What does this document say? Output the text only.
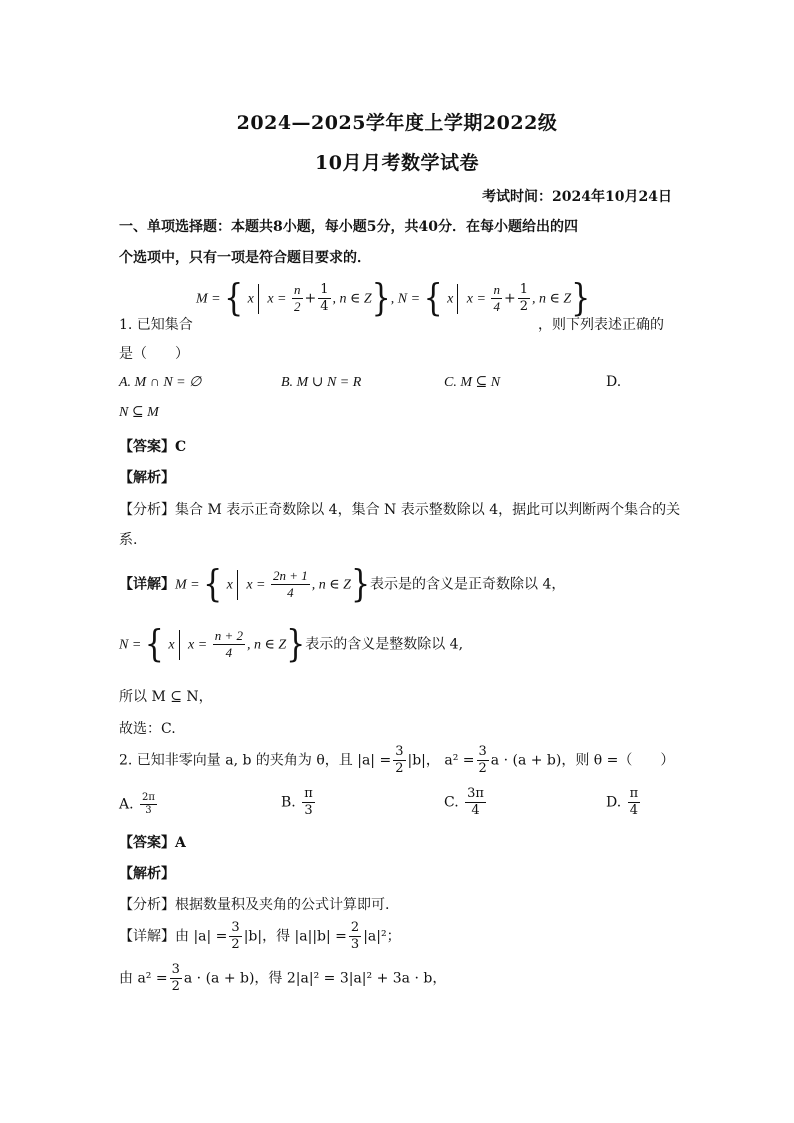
2024—2025学年度上学期2022级
10月月考数学试卷
考试时间：2024年10月24日
一、单项选择题：本题共8小题，每小题5分，共40分．在每小题给出的四
个选项中，只有一项是符合题目要求的．
M = { x $x = \frac{n}{2} + \frac{1}{4}$ , n ∈ Z}, N = { x $x = \frac{n}{4} + \frac{1}{2}$ , n ∈ Z}
1. 已知集合	，则下列表述正确的
是（　　）
A. M ∩ N = ∅	B. M ∪ N = R	C. M ⊆ N	D.
N ⊆ M
【答案】C
【解析】
【分析】集合 M 表示正奇数除以 4，集合 N 表示整数除以 4，据此可以判断两个集合的关
系.
【详解】M = { x $x = \frac{2n + 1}{4}$ , n ∈ Z}表示是的含义是正奇数除以 4，
N = { x $x = \frac{n + 2}{4}$ , n ∈ Z}表示的含义是整数除以 4,
所以 M ⊆ N，
故选：C.
2. 已知非零向量 a, b 的夹角为 θ，且 $|a| = \frac{3}{2} |b|$， $a^2 = \frac{3}{2}$ a · (a + b)，则 θ =（　　）
A. $\frac{2\pi}{3}$	B. $\frac{\pi}{3}$	C. $\frac{3\pi}{4}$	D. $\frac{\pi}{4}$
【答案】A
【解析】
【分析】根据数量积及夹角的公式计算即可.
【详解】由 $|a| = \frac{3}{2} |b|$，得 $|a||b| = \frac{2}{3} |a|^2$；
由 $a^2 = \frac{3}{2}$ a · (a + b)，得 2|a|² = 3|a|² + 3a · b，
